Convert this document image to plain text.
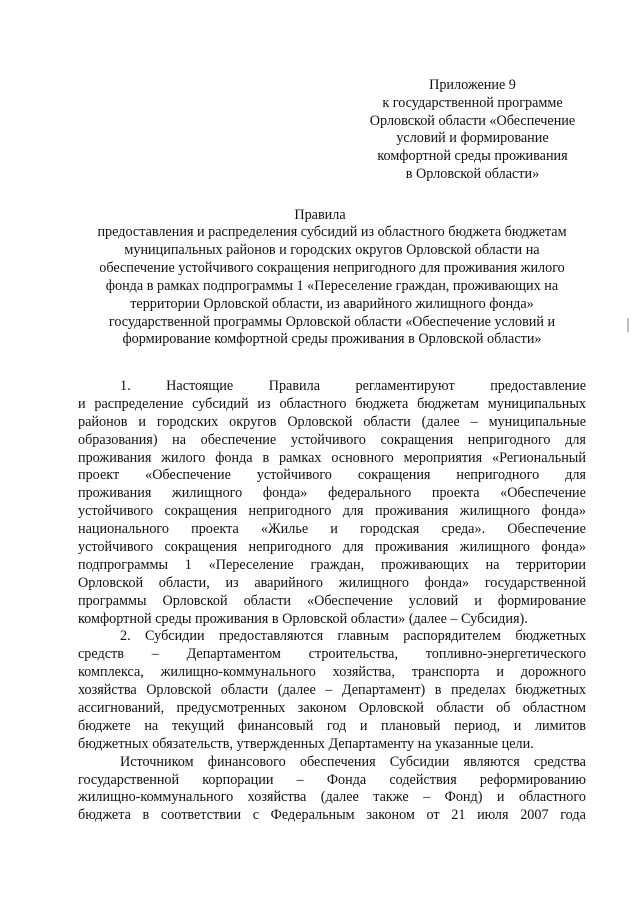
Приложение 9
к государственной программе
Орловской области «Обеспечение
условий и формирование
комфортной среды проживания
в Орловской области»
Правила
предоставления и распределения субсидий из областного бюджета бюджетам
муниципальных районов и городских округов Орловской области на
обеспечение устойчивого сокращения непригодного для проживания жилого
фонда в рамках подпрограммы 1 «Переселение граждан, проживающих на
территории Орловской области, из аварийного жилищного фонда»
государственной программы Орловской области «Обеспечение условий и
формирование комфортной среды проживания в Орловской области»
1.	Настоящие	Правила	регламентируют	предоставление
и распределение субсидий из областного бюджета бюджетам муниципальных
районов и городских округов Орловской области (далее – муниципальные
образования) на обеспечение устойчивого сокращения непригодного для
проживания жилого фонда в рамках основного мероприятия «Региональный
проект «Обеспечение устойчивого сокращения непригодного для
проживания жилищного фонда» федерального проекта «Обеспечение
устойчивого сокращения непригодного для проживания жилищного фонда»
национального проекта «Жилье и городская среда». Обеспечение
устойчивого сокращения непригодного для проживания жилищного фонда»
подпрограммы 1 «Переселение граждан, проживающих на территории
Орловской области, из аварийного жилищного фонда» государственной
программы Орловской области «Обеспечение условий и формирование
комфортной среды проживания в Орловской области» (далее – Субсидия).
2. Субсидии предоставляются главным распорядителем бюджетных
средств – Департаментом строительства, топливно-энергетического
комплекса, жилищно-коммунального хозяйства, транспорта и дорожного
хозяйства Орловской области (далее – Департамент) в пределах бюджетных
ассигнований, предусмотренных законом Орловской области об областном
бюджете на текущий финансовый год и плановый период, и лимитов
бюджетных обязательств, утвержденных Департаменту на указанные цели.
Источником финансового обеспечения Субсидии являются средства
государственной корпорации – Фонда содействия реформированию
жилищно-коммунального хозяйства (далее также – Фонд) и областного
бюджета в соответствии с Федеральным законом от 21 июля 2007 года
